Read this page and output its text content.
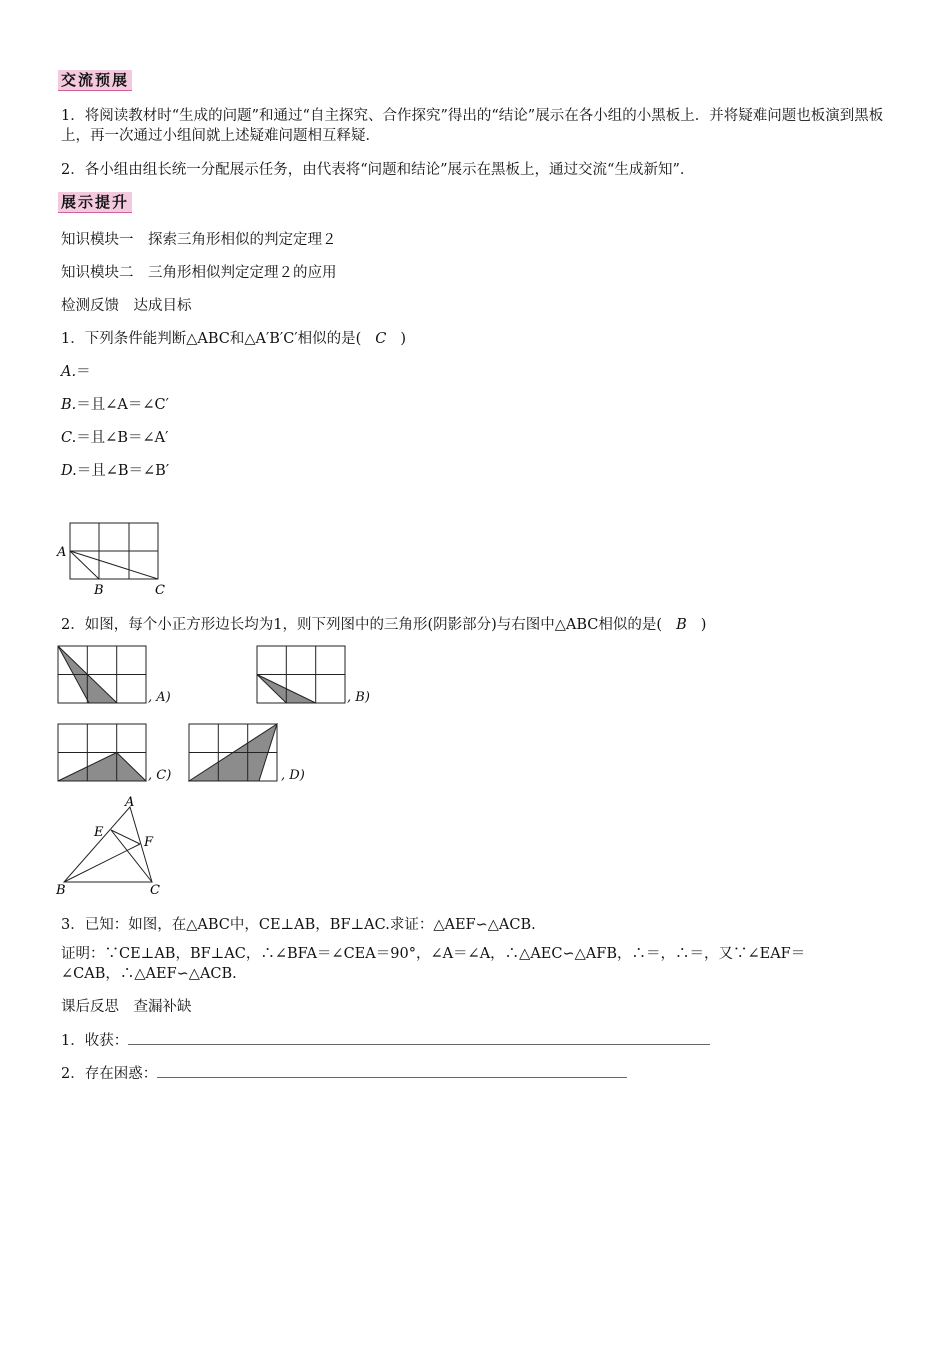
交流预展
1．将阅读教材时“生成的问题”和通过“自主探究、合作探究”得出的“结论”展示在各小组的小黑板上．并将疑难问题也板演到黑板上，再一次通过小组间就上述疑难问题相互释疑．
2．各小组由组长统一分配展示任务，由代表将“问题和结论”展示在黑板上，通过交流“生成新知”．
展示提升
知识模块一　探索三角形相似的判定定理２
知识模块二　三角形相似判定定理２的应用
检测反馈　达成目标
1．下列条件能判断△ABC和△A′B′C′相似的是( C )
A.＝
B.＝且∠A＝∠C′
C.＝且∠B＝∠A′
D.＝且∠B＝∠B′
A
B	C
2．如图，每个小正方形边长均为1，则下列图中的三角形(阴影部分)与右图中△ABC相似的是( B )
, A)	, B)
, C)	, D)
A
E
F
B	C
3．已知：如图，在△ABC中，CE⊥AB，BF⊥AC.求证：△AEF∽△ACB.
证明：∵CE⊥AB，BF⊥AC，∴∠BFA＝∠CEA＝90°，∠A＝∠A，∴△AEC∽△AFB，∴＝，∴＝，又∵∠EAF＝∠CAB，∴△AEF∽△ACB.
课后反思　查漏补缺
1．收获：
2．存在困惑：
